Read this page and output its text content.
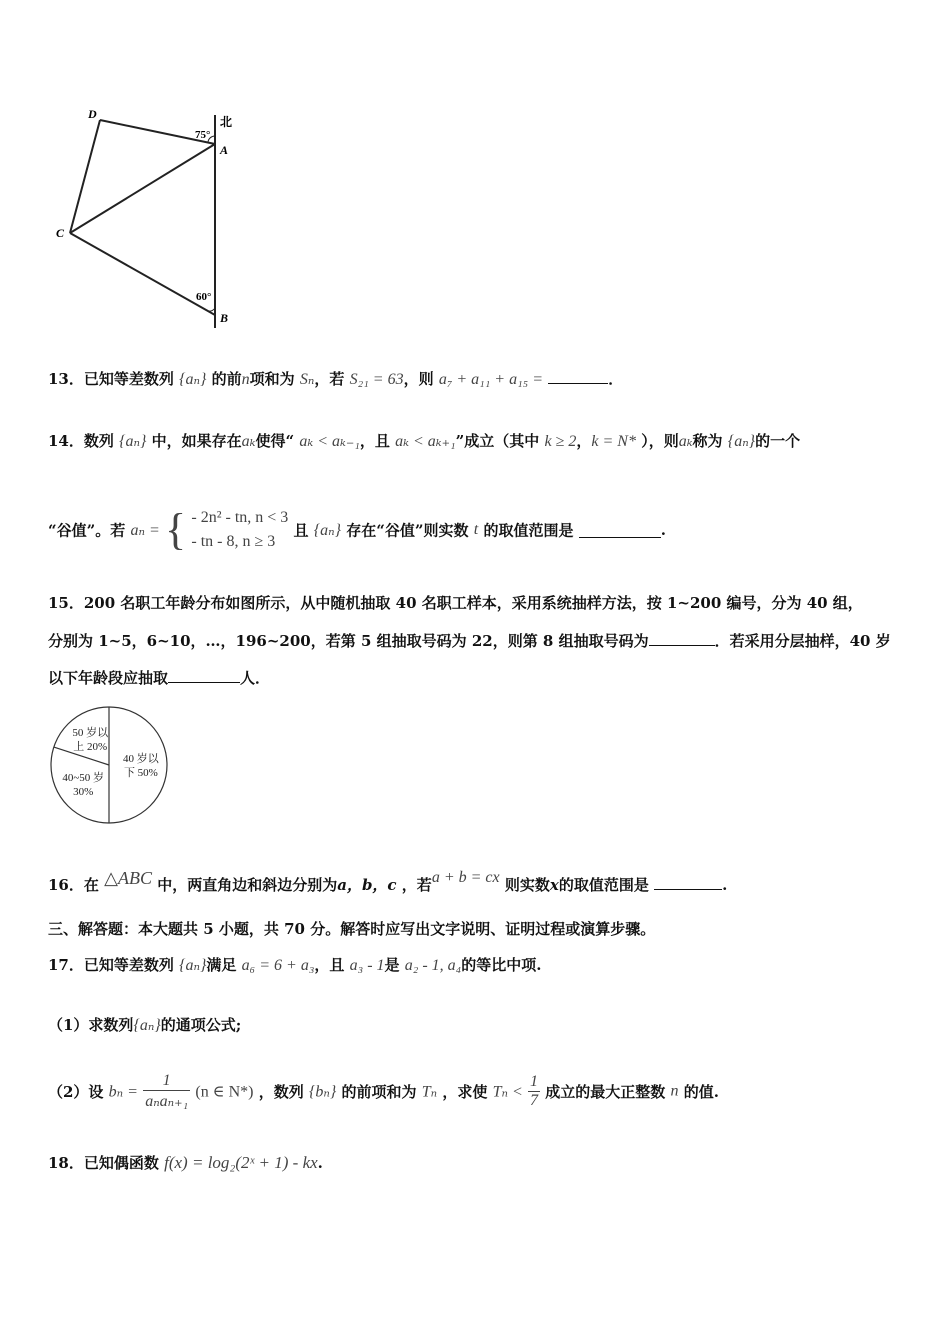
D
C
A
B
北
75°
60°
13．已知等差数列 {aₙ} 的前n项和为 Sₙ，若 S₂₁ = 63，则 a₇ + a₁₁ + a₁₅ =	．
14．数列 {aₙ} 中，如果存在aₖ使得“ aₖ < aₖ₋₁，且 aₖ < aₖ₊₁”成立（其中 k ≥ 2，k = N* ），则aₖ称为 {aₙ}的一个
“谷值”。若 aₙ = { - 2n² - tn, n < 3
- tn - 8, n ≥ 3
且 {aₙ} 存在“谷值”则实数 t 的取值范围是	.
15．200 名职工年龄分布如图所示，从中随机抽取 40 名职工样本，采用系统抽样方法，按 1~200 编号，分为 40 组，
分别为 1~5，6~10，…，196~200，若第 5 组抽取号码为 22，则第 8 组抽取号码为	．若采用分层抽样，40 岁
以下年龄段应抽取	人．
40 岁以
下 50%
40~50 岁
30%
50 岁以
上 20%
16．在 △ABC 中，两直角边和斜边分别为a，b，c ，若a + b = cx 则实数x的取值范围是	.
三、解答题：本大题共 5 小题，共 70 分。解答时应写出文字说明、证明过程或演算步骤。
17．已知等差数列 {aₙ}满足 a₆ = 6 + a₃，且 a₃ - 1是 a₂ - 1, a₄的等比中项.
（1）求数列{aₙ}的通项公式;
（2）设 $b_n = \frac{1}{\text{aₙaₙ₊₁}} (n$ ∈ N*) ，数列 {bₙ} 的前项和为 Tₙ ，求使 $T_n < \frac{1}{7}$ 成立的最大正整数 n 的值.
18．已知偶函数 f(x) = log₂(2ˣ + 1) - kx.
